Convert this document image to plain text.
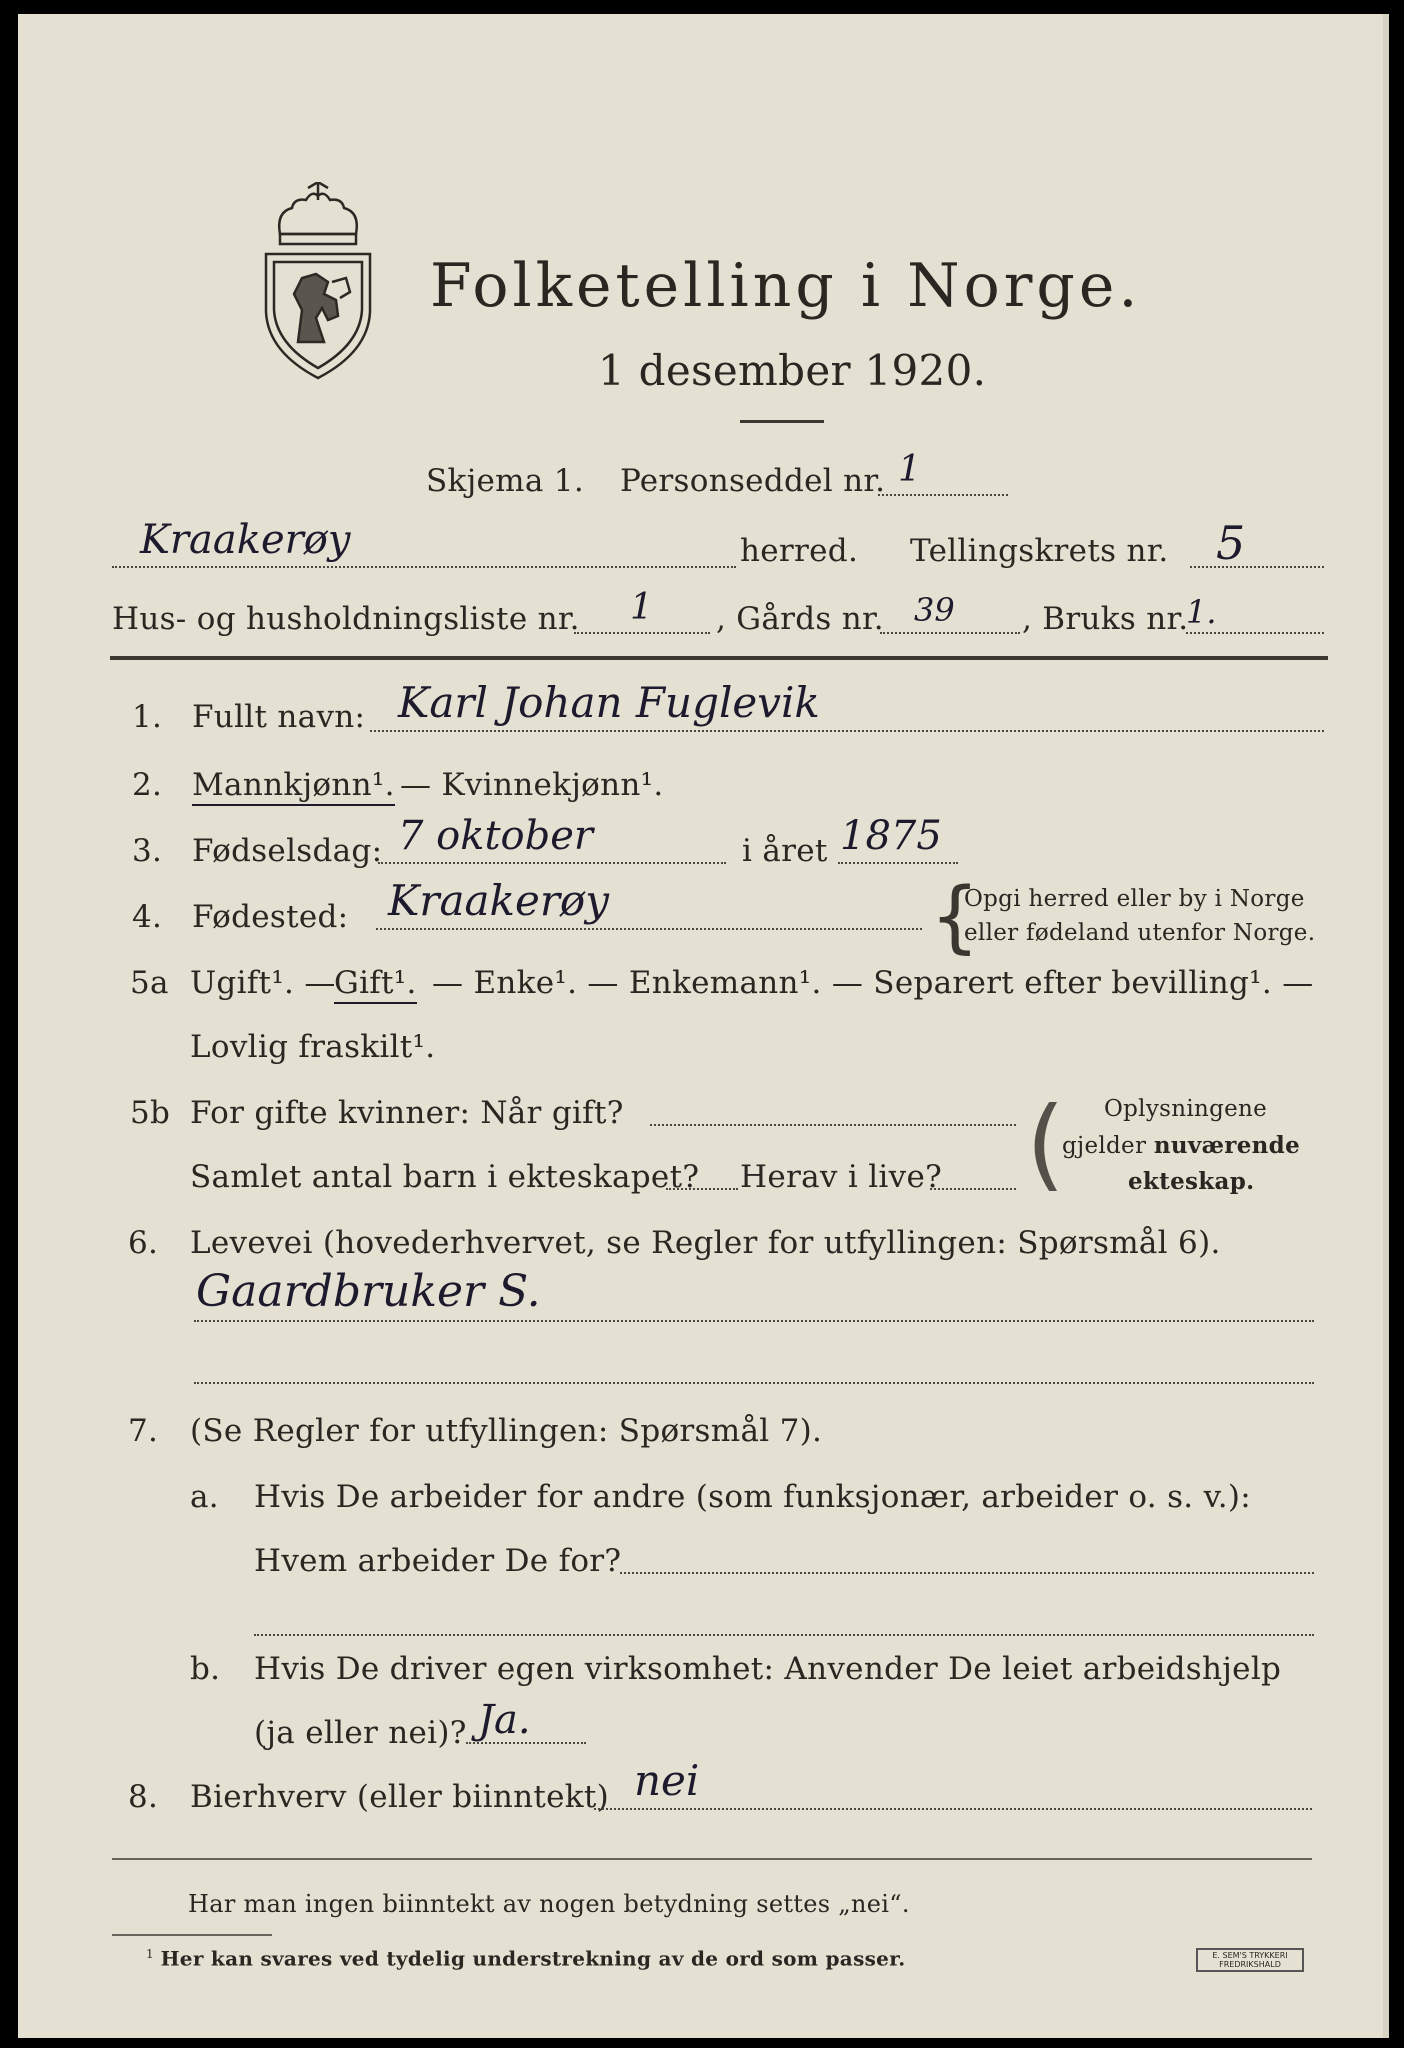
Folketelling i Norge.
1 desember 1920.
Skjema 1. Personseddel nr. 1
Kraakerøy	herred. Tellingskrets nr. 5
Hus- og husholdningsliste nr. 1 , Gårds nr. 39 , Bruks nr.
1.
1. Fullt navn: Karl Johan Fuglevik
2. Mannkjønn¹. — Kvinnekjønn¹.
3. Fødselsdag: 7 oktober	i året 1875
4. Fødested: Kraakerøy	{
Opgi herred eller by i Norge
eller fødeland utenfor Norge.
5a Ugift¹. —
Gift¹. — Enke¹. — Enkemann¹. — Separert efter bevilling¹. —
Lovlig fraskilt¹.
5b For gifte kvinner: Når gift?
Samlet antal barn i ekteskapet? Herav i live? ( Oplysningene
gjelder nuværende
ekteskap.
6. Levevei (hovederhvervet, se Regler for utfyllingen: Spørsmål 6).
Gaardbruker S.
7. (Se Regler for utfyllingen: Spørsmål 7).
a. Hvis De arbeider for andre (som funksjonær, arbeider o. s. v.):
Hvem arbeider De for?
b. Hvis De driver egen virksomhet: Anvender De leiet arbeidshjelp
(ja eller nei)? Ja.
8. Bierhverv (eller biinntekt) nei
Har man ingen biinntekt av nogen betydning settes „nei“.
$^1$ Her kan svares ved tydelig understrekning av de ord som passer.	E. SEM'S TRYKKERI
FREDRIKSHALD
